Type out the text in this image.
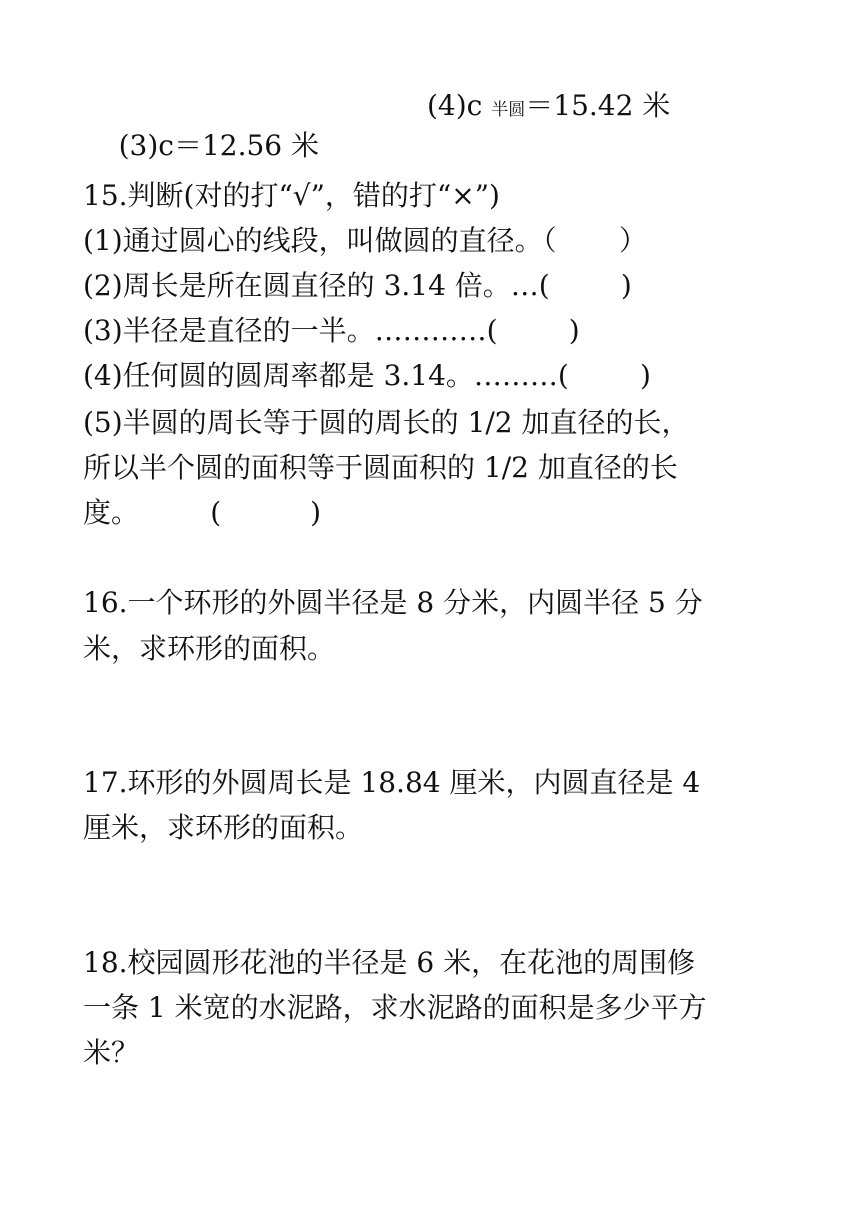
(3)c＝12.56 米

(4)c 半圆＝15.42 米

15.判断(对的打“√”，错的打“×”)
(1)通过圆心的线段，叫做圆的直径。（       ）
(2)周长是所在圆直径的 3.14 倍。…(        )
(3)半径是直径的一半。…………(        )
(4)任何圆的圆周率都是 3.14。………(        )
(5)半圆的周长等于圆的周长的 1/2 加直径的长，
所以半个圆的面积等于圆面积的 1/2 加直径的长
度。        (          )
16.一个环形的外圆半径是 8 分米，内圆半径 5 分
米，求环形的面积。
17.环形的外圆周长是 18.84 厘米，内圆直径是 4
厘米，求环形的面积。
18.校园圆形花池的半径是 6 米，在花池的周围修
一条 1 米宽的水泥路，求水泥路的面积是多少平方
米？
